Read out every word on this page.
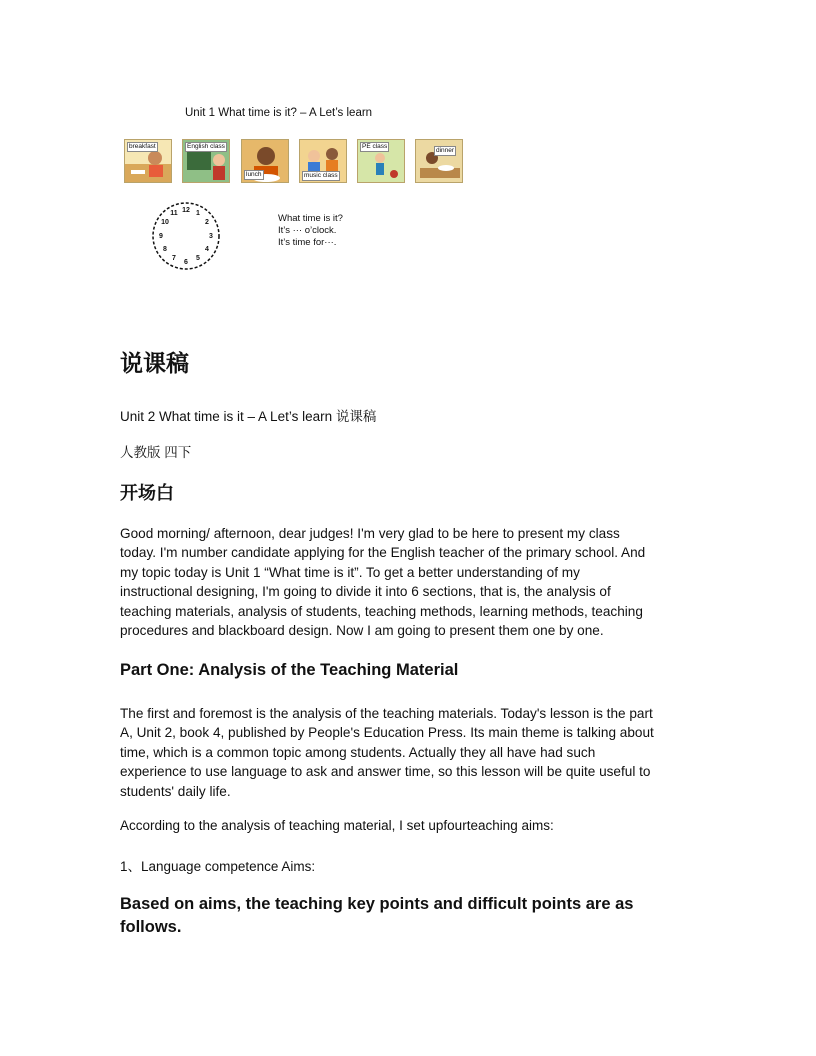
Unit 1 What time is it? – A Let’s learn
breakfast	English class
lunch	music class
PE class
dinner
12 1
2
3
4
5
6
7
8
9
10
11	What time is it?
It’s ··· o’clock.
It’s time for···.
说课稿
Unit 2 What time is it – A Let’s learn 说课稿
人教版 四下
开场白
Good morning/ afternoon, dear judges! I'm very glad to be here to present my class
today. I'm number candidate applying for the English teacher of the primary school. And
my topic today is Unit 1 “What time is it”. To get a better understanding of my
instructional designing, I'm going to divide it into 6 sections, that is, the analysis of
teaching materials, analysis of students, teaching methods, learning methods, teaching
procedures and blackboard design. Now I am going to present them one by one.
Part One: Analysis of the Teaching Material
The first and foremost is the analysis of the teaching materials. Today's lesson is the part
A, Unit 2, book 4, published by People's Education Press. Its main theme is talking about
time, which is a common topic among students. Actually they all have had such
experience to use language to ask and answer time, so this lesson will be quite useful to
students' daily life.
According to the analysis of teaching material, I set upfourteaching aims:
1、Language competence Aims:
Based on aims, the teaching key points and difficult points are as follows.
